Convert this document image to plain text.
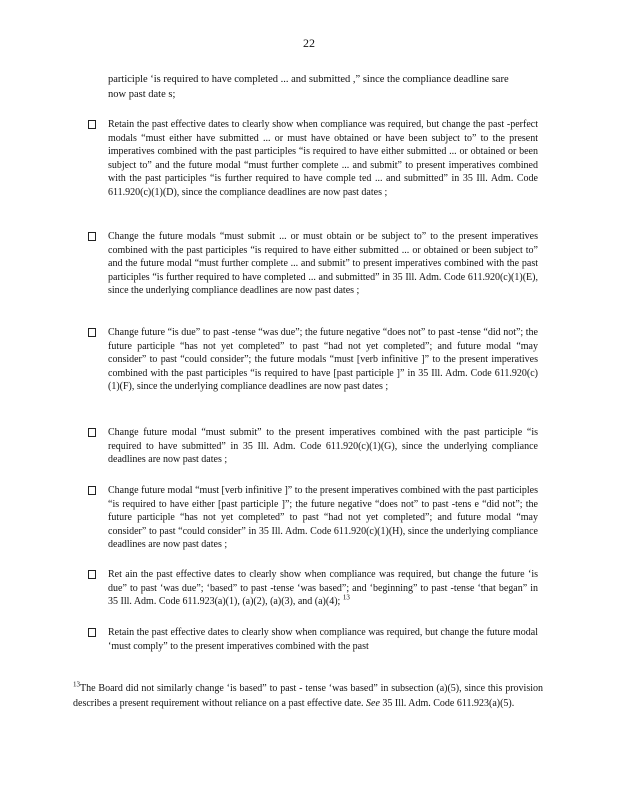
22
participle ‘is required to have completed ... and submitted ,” since the compliance deadline sare now past date s;
Retain the past effective dates to clearly show when compliance was required, but change the past -perfect modals “must either have submitted ... or must have obtained or have been subject to” to the present imperatives combined with the past participles “is required to have either submitted ... or obtained or been subject to” and the future modal “must further complete ... and submit” to present imperatives combined with the past participles “is further required to have comple ted ... and submitted” in 35 Ill. Adm. Code 611.920(c)(1)(D), since the compliance deadlines are now past dates ;
Change the future modals “must submit ... or must obtain or be subject to” to the present imperatives combined with the past participles “is required to have either submitted ... or obtained or been subject to” and the future modal “must further complete ... and submit” to present imperatives combined with the past participles “is further required to have completed ... and submitted” in 35 Ill. Adm. Code 611.920(c)(1)(E), since the underlying compliance deadlines are now past dates ;
Change future “is due” to past -tense “was due”; the future negative “does not” to past -tense “did not”; the future participle “has not yet completed” to past “had not yet completed”; and future modal “may consider” to past “could consider”; the future modals “must [verb infinitive ]” to the present imperatives combined with the past participles “is required to have [past participle ]” in 35 Ill. Adm. Code 611.920(c)(1)(F), since the underlying compliance deadlines are now past dates ;
Change future modal “must submit” to the present imperatives combined with the past participle “is required to have submitted” in 35 Ill. Adm. Code 611.920(c)(1)(G), since the underlying compliance deadlines are now past dates ;
Change future modal “must [verb infinitive ]” to the present imperatives combined with the past participles “is required to have either [past participle ]”; the future negative “does not” to past -tens e “did not”; the future participle “has not yet completed” to past “had not yet completed”; and future modal “may consider” to past “could consider” in 35 Ill. Adm. Code 611.920(c)(1)(H), since the underlying compliance deadlines are now past dates ;
Ret ain the past effective dates to clearly show when compliance was required, but change the future ‘is due” to past ‘was due”; ‘based” to past -tense ‘was based”; and ‘beginning” to past -tense ‘that began” in 35 Ill. Adm. Code 611.923(a)(1), (a)(2), (a)(3), and (a)(4); $^{13}$
Retain the past effective dates to clearly show when compliance was required, but change the future modal ‘must comply” to the present imperatives combined with the past
$^{13}$The Board did not similarly change ‘is based” to past - tense ‘was based” in subsection (a)(5), since this provision describes a present requirement without reliance on a past effective date. See 35 Ill. Adm. Code 611.923(a)(5).
